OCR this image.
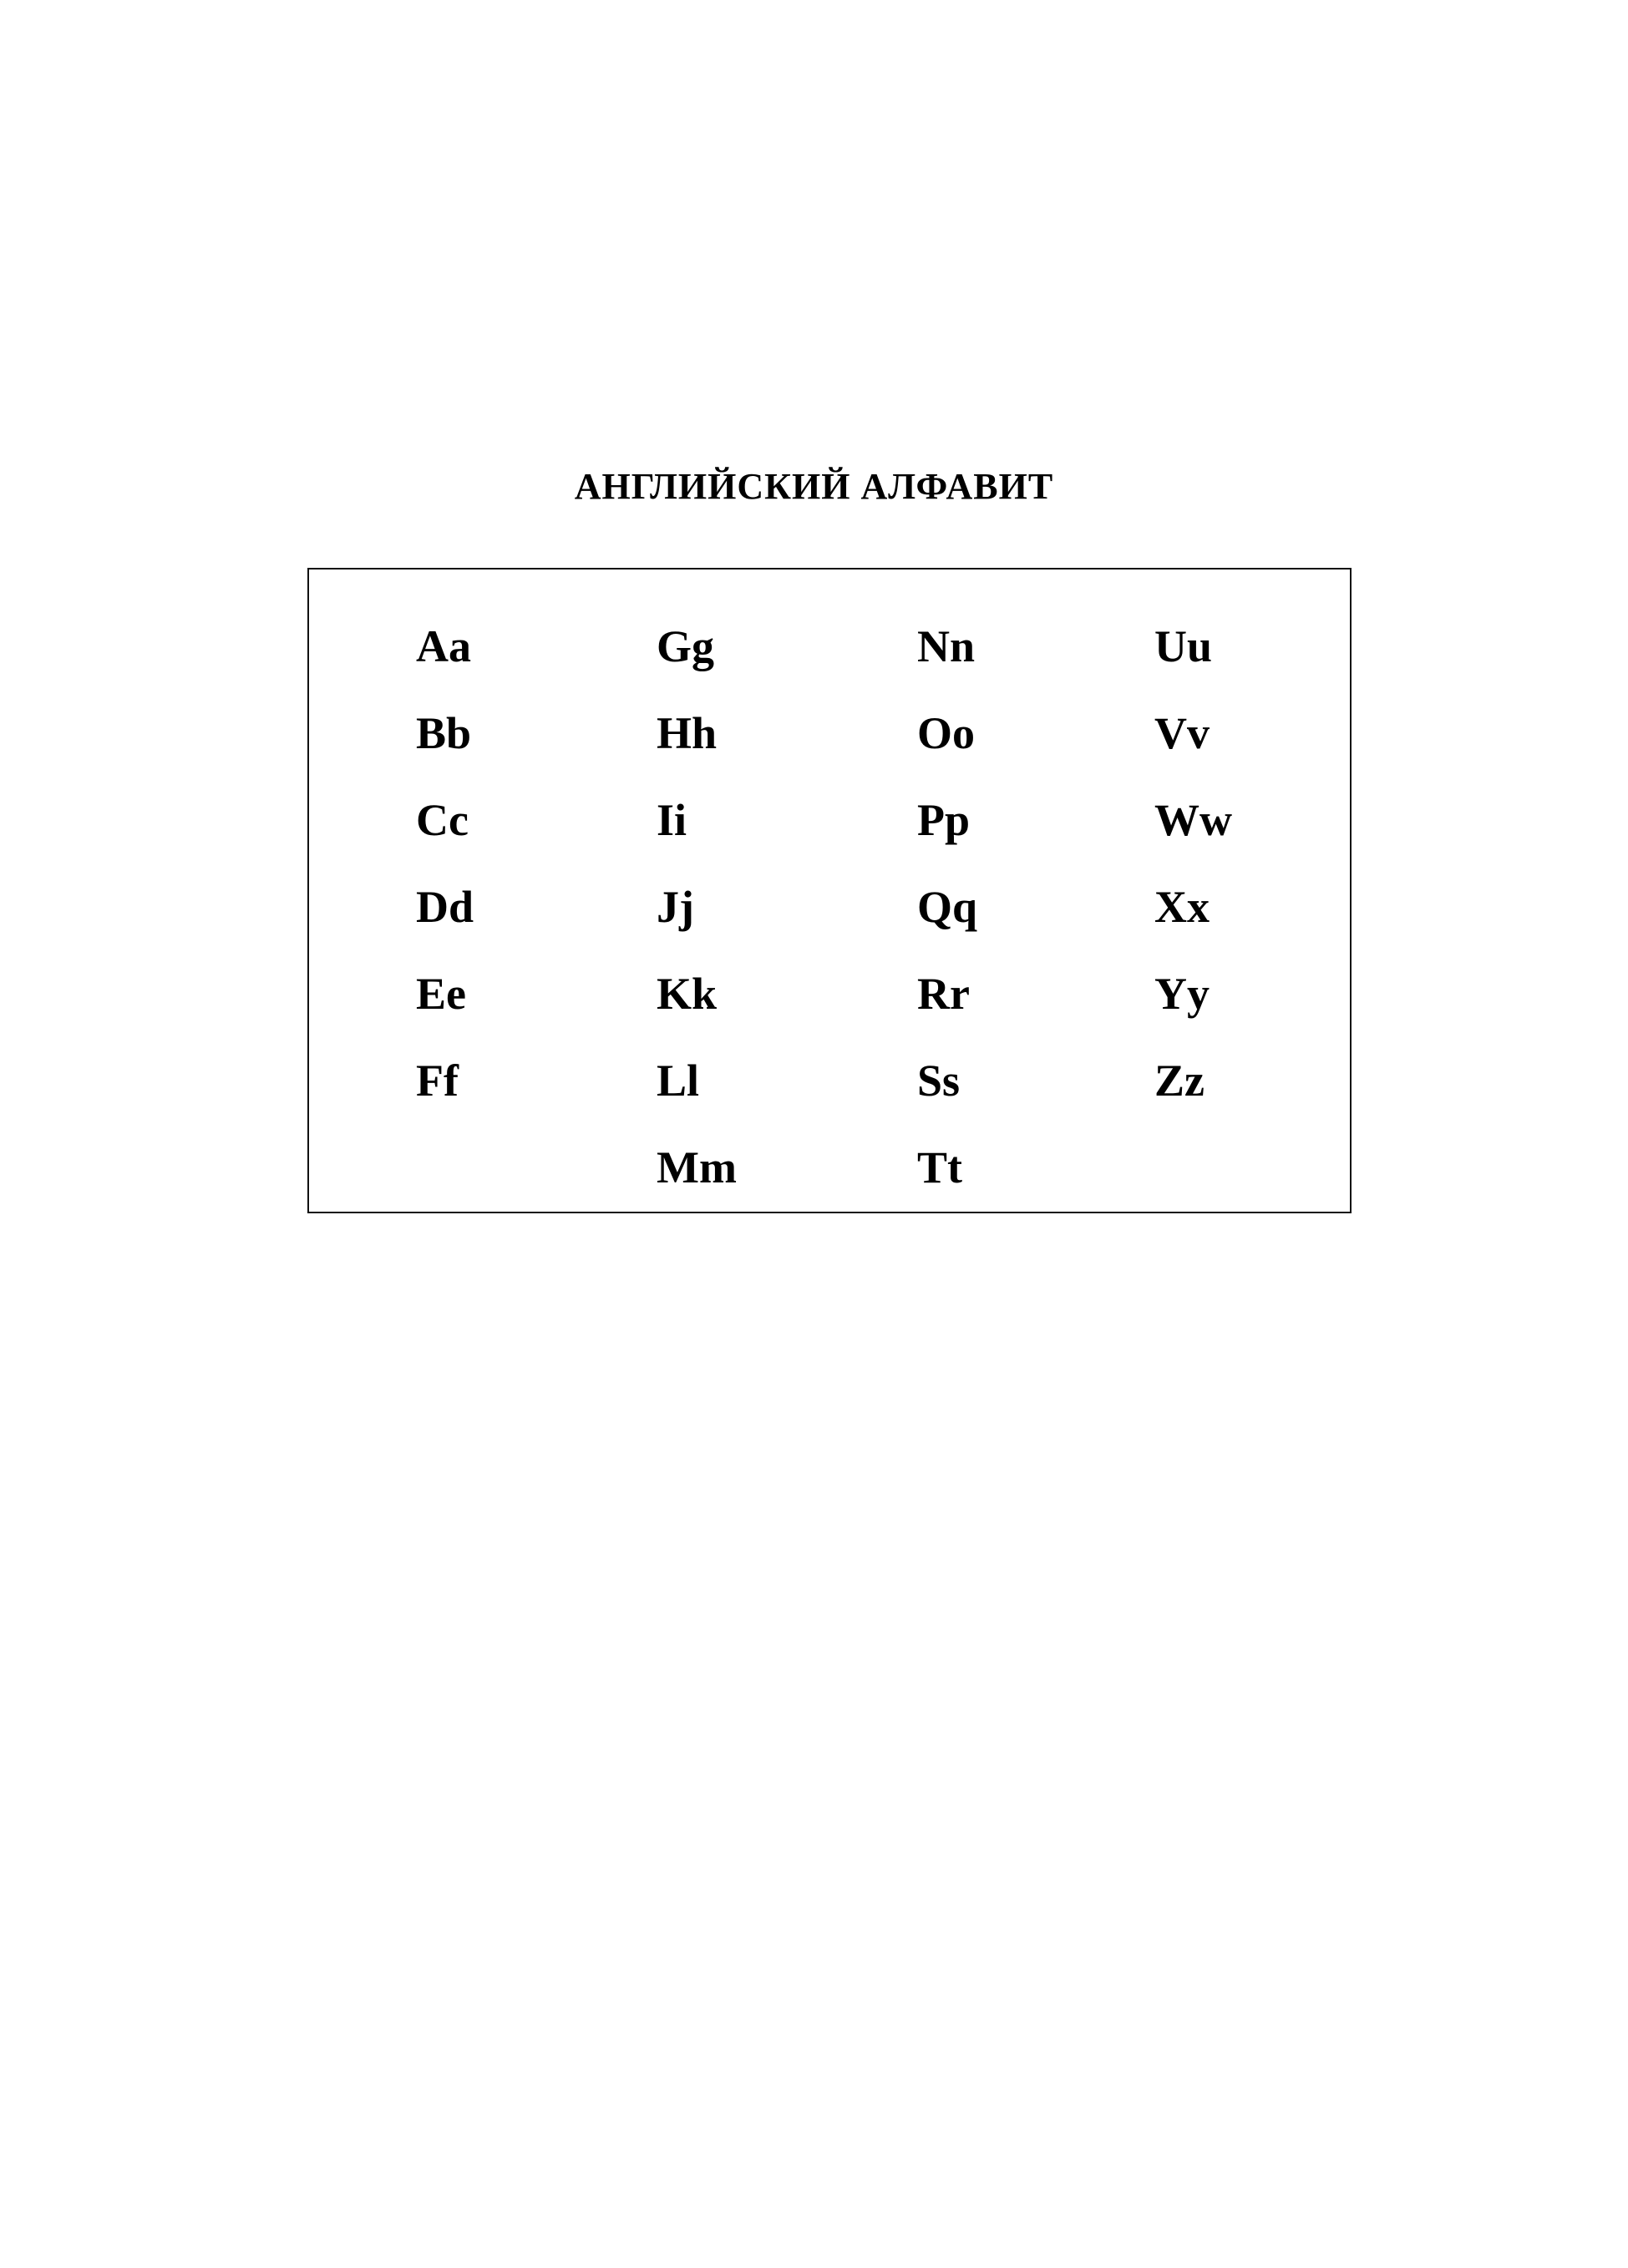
АНГЛИЙСКИЙ АЛФАВИТ
Aa
Bb
Cc
Dd
Ee
Ff
Gg
Hh
Ii
Jj
Kk
Ll
Mm
Nn
Oo
Pp
Qq
Rr
Ss
Tt
Uu
Vv
Ww
Xx
Yy
Zz
